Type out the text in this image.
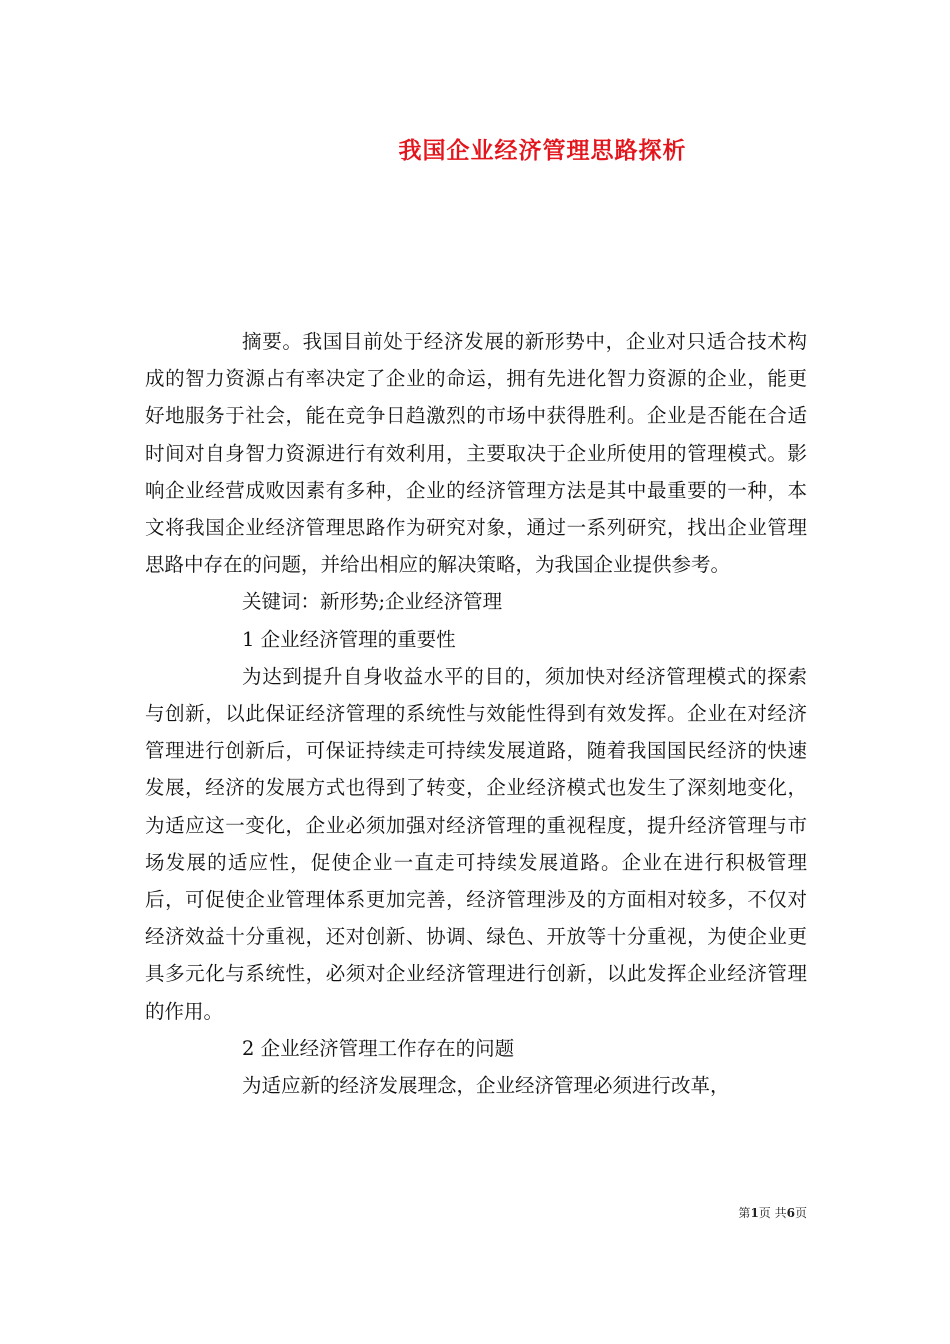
我国企业经济管理思路探析

摘要。我国目前处于经济发展的新形势中，企业对只适合技术构成的智力资源占有率决定了企业的命运，拥有先进化智力资源的企业，能更好地服务于社会，能在竞争日趋激烈的市场中获得胜利。企业是否能在合适时间对自身智力资源进行有效利用，主要取决于企业所使用的管理模式。影响企业经营成败因素有多种，企业的经济管理方法是其中最重要的一种，本文将我国企业经济管理思路作为研究对象，通过一系列研究，找出企业管理思路中存在的问题，并给出相应的解决策略，为我国企业提供参考。

关键词：新形势;企业经济管理

1 企业经济管理的重要性

为达到提升自身收益水平的目的，须加快对经济管理模式的探索与创新，以此保证经济管理的系统性与效能性得到有效发挥。企业在对经济管理进行创新后，可保证持续走可持续发展道路，随着我国国民经济的快速发展，经济的发展方式也得到了转变，企业经济模式也发生了深刻地变化，为适应这一变化，企业必须加强对经济管理的重视程度，提升经济管理与市场发展的适应性，促使企业一直走可持续发展道路。企业在进行积极管理后，可促使企业管理体系更加完善，经济管理涉及的方面相对较多，不仅对经济效益十分重视，还对创新、协调、绿色、开放等十分重视，为使企业更具多元化与系统性，必须对企业经济管理进行创新，以此发挥企业经济管理的作用。

2 企业经济管理工作存在的问题

为适应新的经济发展理念，企业经济管理必须进行改革，

第1页 共6页
